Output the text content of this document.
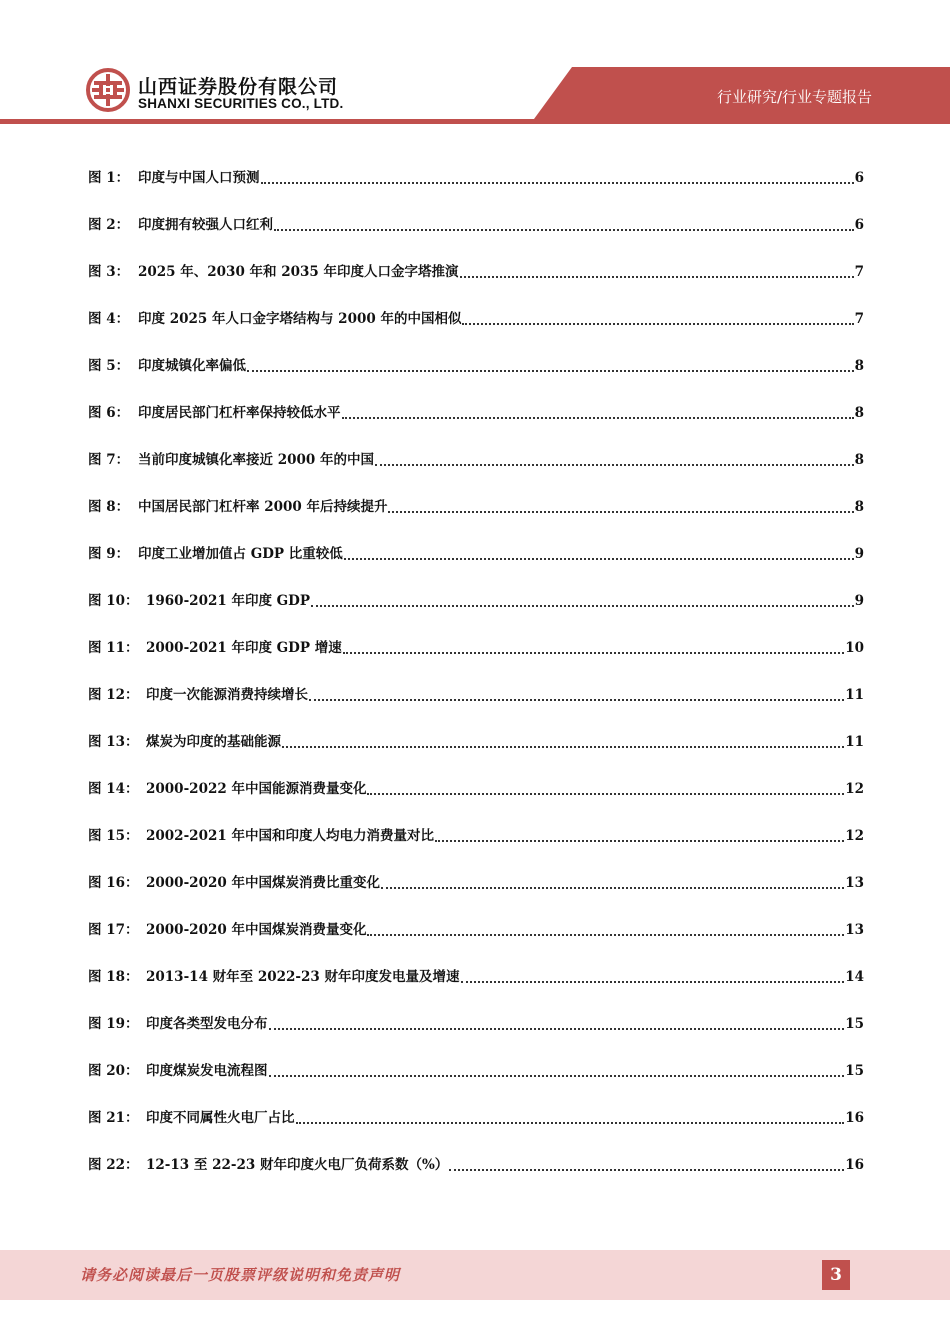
山西证券股份有限公司
SHANXI SECURITIES CO., LTD.	行业研究/行业专题报告
图 1： 印度与中国人口预测	6
图 2： 印度拥有较强人口红利	6
图 3： 2025 年、2030 年和 2035 年印度人口金字塔推演	7
图 4： 印度 2025 年人口金字塔结构与 2000 年的中国相似	7
图 5： 印度城镇化率偏低	8
图 6： 印度居民部门杠杆率保持较低水平	8
图 7： 当前印度城镇化率接近 2000 年的中国	8
图 8： 中国居民部门杠杆率 2000 年后持续提升	8
图 9： 印度工业增加值占 GDP 比重较低	9
图 10： 1960-2021 年印度 GDP	9
图 11： 2000-2021 年印度 GDP 增速	10
图 12： 印度一次能源消费持续增长	11
图 13： 煤炭为印度的基础能源	11
图 14： 2000-2022 年中国能源消费量变化	12
图 15： 2002-2021 年中国和印度人均电力消费量对比	12
图 16： 2000-2020 年中国煤炭消费比重变化	13
图 17： 2000-2020 年中国煤炭消费量变化	13
图 18： 2013-14 财年至 2022-23 财年印度发电量及增速	14
图 19： 印度各类型发电分布	15
图 20： 印度煤炭发电流程图	15
图 21： 印度不同属性火电厂占比	16
图 22： 12-13 至 22-23 财年印度火电厂负荷系数（%）	16
请务必阅读最后一页股票评级说明和免责声明	3
